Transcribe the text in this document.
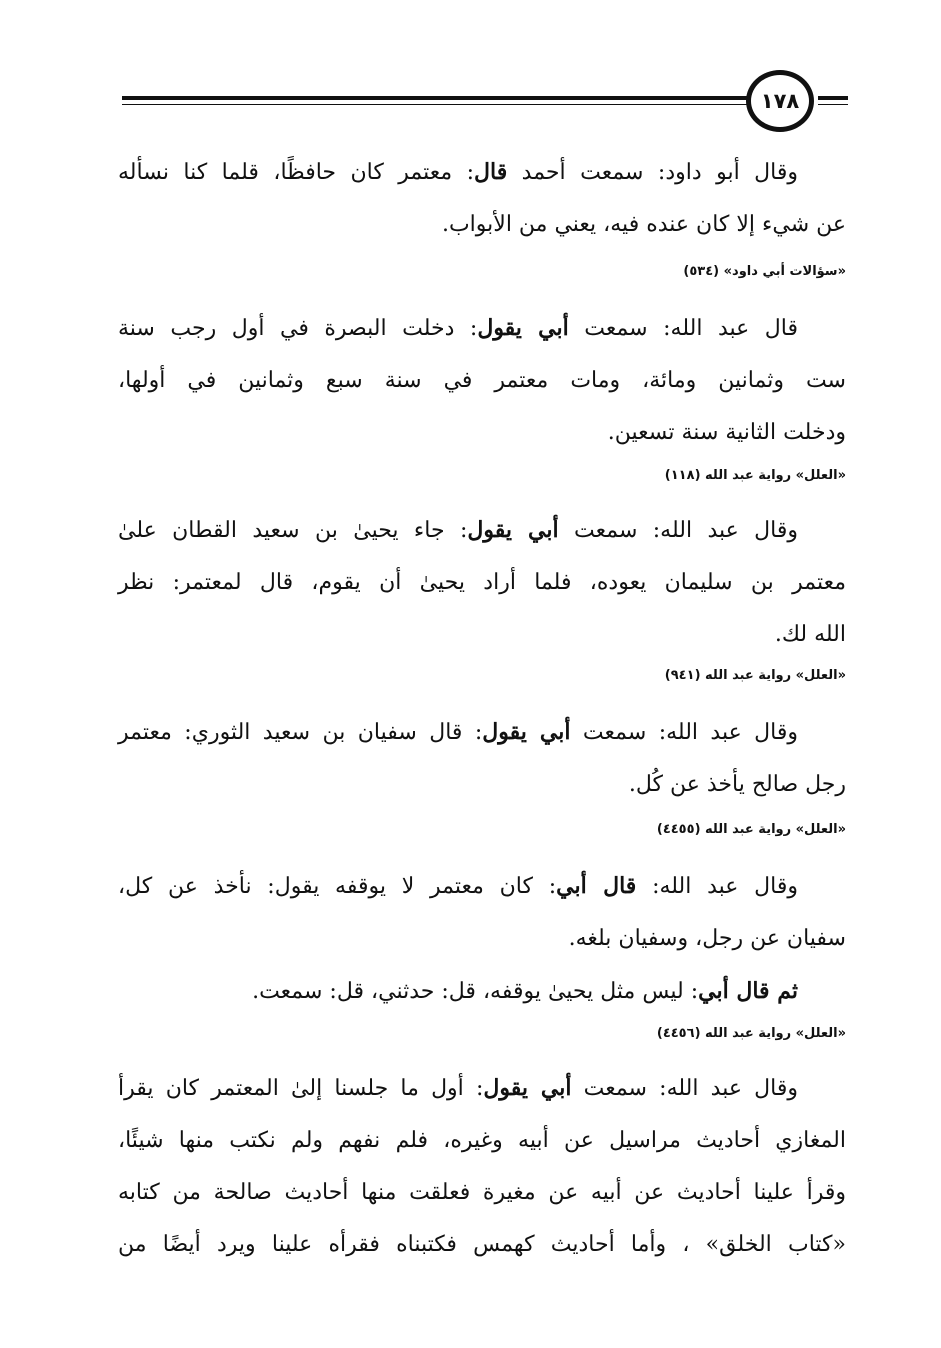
١٧٨

وقال أبو داود: سمعت أحمد قال: معتمر كان حافظًا، قلما كنا نسأله
عن شيء إلا كان عنده فيه، يعني من الأبواب.

«سؤالات أبي داود» (٥٣٤)

قال عبد الله: سمعت أبي يقول: دخلت البصرة في أول رجب سنة
ست وثمانين ومائة، ومات معتمر في سنة سبع وثمانين في أولها،
ودخلت الثانية سنة تسعين.

«العلل» رواية عبد الله (١١٨)

وقال عبد الله: سمعت أبي يقول: جاء يحيىٰ بن سعيد القطان علىٰ
معتمر بن سليمان يعوده، فلما أراد يحيىٰ أن يقوم، قال لمعتمر: نظر
الله لك.

«العلل» رواية عبد الله (٩٤١)

وقال عبد الله: سمعت أبي يقول: قال سفيان بن سعيد الثوري: معتمر
رجل صالح يأخذ عن كُل.

«العلل» رواية عبد الله (٤٤٥٥)

وقال عبد الله: قال أبي: كان معتمر لا يوقفه يقول: نأخذ عن كل،
سفيان عن رجل، وسفيان بلغه.
ثم قال أبي: ليس مثل يحيىٰ يوقفه، قل: حدثني، قل: سمعت.

«العلل» رواية عبد الله (٤٤٥٦)

وقال عبد الله: سمعت أبي يقول: أول ما جلسنا إلىٰ المعتمر كان يقرأ
المغازي أحاديث مراسيل عن أبيه وغيره، فلم نفهم ولم نكتب منها شيئًا،
وقرأ علينا أحاديث عن أبيه عن مغيرة فعلقت منها أحاديث صالحة من كتابه
«كتاب الخلق» ، وأما أحاديث كهمس فكتبناه فقرأه علينا ويرد أيضًا من
